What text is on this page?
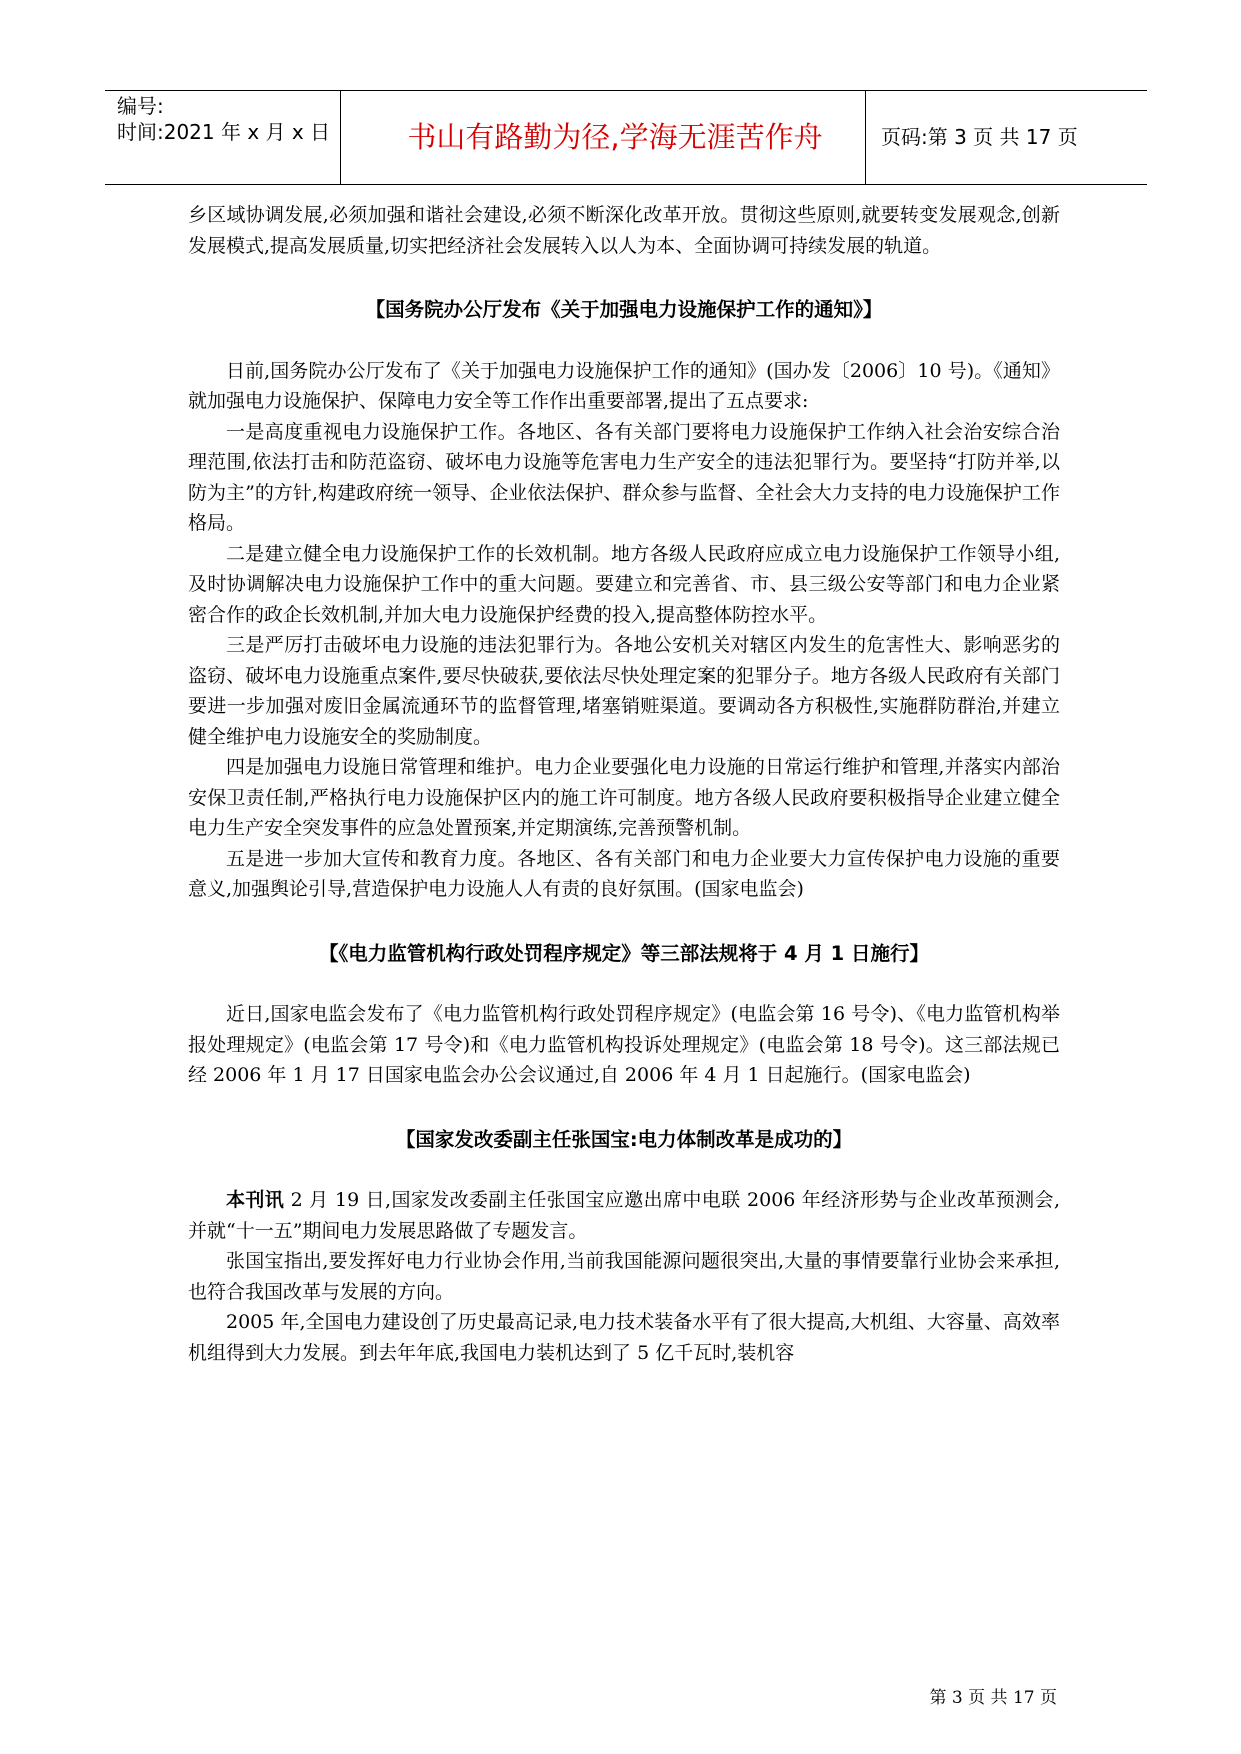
编号:
时间:2021 年 x 月 x 日	书山有路勤为径,学海无涯苦作舟	页码:第 3 页 共 17 页

乡区域协调发展,必须加强和谐社会建设,必须不断深化改革开放。贯彻这些原则,就要转变发展观念,创新发展模式,提高发展质量,切实把经济社会发展转入以人为本、全面协调可持续发展的轨道。

【国务院办公厅发布《关于加强电力设施保护工作的通知》】

日前,国务院办公厅发布了《关于加强电力设施保护工作的通知》(国办发〔2006〕10 号)。《通知》就加强电力设施保护、保障电力安全等工作作出重要部署,提出了五点要求:

一是高度重视电力设施保护工作。各地区、各有关部门要将电力设施保护工作纳入社会治安综合治理范围,依法打击和防范盗窃、破坏电力设施等危害电力生产安全的违法犯罪行为。要坚持“打防并举,以防为主”的方针,构建政府统一领导、企业依法保护、群众参与监督、全社会大力支持的电力设施保护工作格局。

二是建立健全电力设施保护工作的长效机制。地方各级人民政府应成立电力设施保护工作领导小组,及时协调解决电力设施保护工作中的重大问题。要建立和完善省、市、县三级公安等部门和电力企业紧密合作的政企长效机制,并加大电力设施保护经费的投入,提高整体防控水平。

三是严厉打击破坏电力设施的违法犯罪行为。各地公安机关对辖区内发生的危害性大、影响恶劣的盗窃、破坏电力设施重点案件,要尽快破获,要依法尽快处理定案的犯罪分子。地方各级人民政府有关部门要进一步加强对废旧金属流通环节的监督管理,堵塞销赃渠道。要调动各方积极性,实施群防群治,并建立健全维护电力设施安全的奖励制度。

四是加强电力设施日常管理和维护。电力企业要强化电力设施的日常运行维护和管理,并落实内部治安保卫责任制,严格执行电力设施保护区内的施工许可制度。地方各级人民政府要积极指导企业建立健全电力生产安全突发事件的应急处置预案,并定期演练,完善预警机制。

五是进一步加大宣传和教育力度。各地区、各有关部门和电力企业要大力宣传保护电力设施的重要意义,加强舆论引导,营造保护电力设施人人有责的良好氛围。(国家电监会)

【《电力监管机构行政处罚程序规定》等三部法规将于 4 月 1 日施行】

近日,国家电监会发布了《电力监管机构行政处罚程序规定》(电监会第 16 号令)、《电力监管机构举报处理规定》(电监会第 17 号令)和《电力监管机构投诉处理规定》(电监会第 18 号令)。这三部法规已经 2006 年 1 月 17 日国家电监会办公会议通过,自 2006 年 4 月 1 日起施行。(国家电监会)

【国家发改委副主任张国宝:电力体制改革是成功的】

本刊讯 2 月 19 日,国家发改委副主任张国宝应邀出席中电联 2006 年经济形势与企业改革预测会,并就“十一五”期间电力发展思路做了专题发言。

张国宝指出,要发挥好电力行业协会作用,当前我国能源问题很突出,大量的事情要靠行业协会来承担,也符合我国改革与发展的方向。

2005 年,全国电力建设创了历史最高记录,电力技术装备水平有了很大提高,大机组、大容量、高效率机组得到大力发展。到去年年底,我国电力装机达到了 5 亿千瓦时,装机容

第 3 页 共 17 页
